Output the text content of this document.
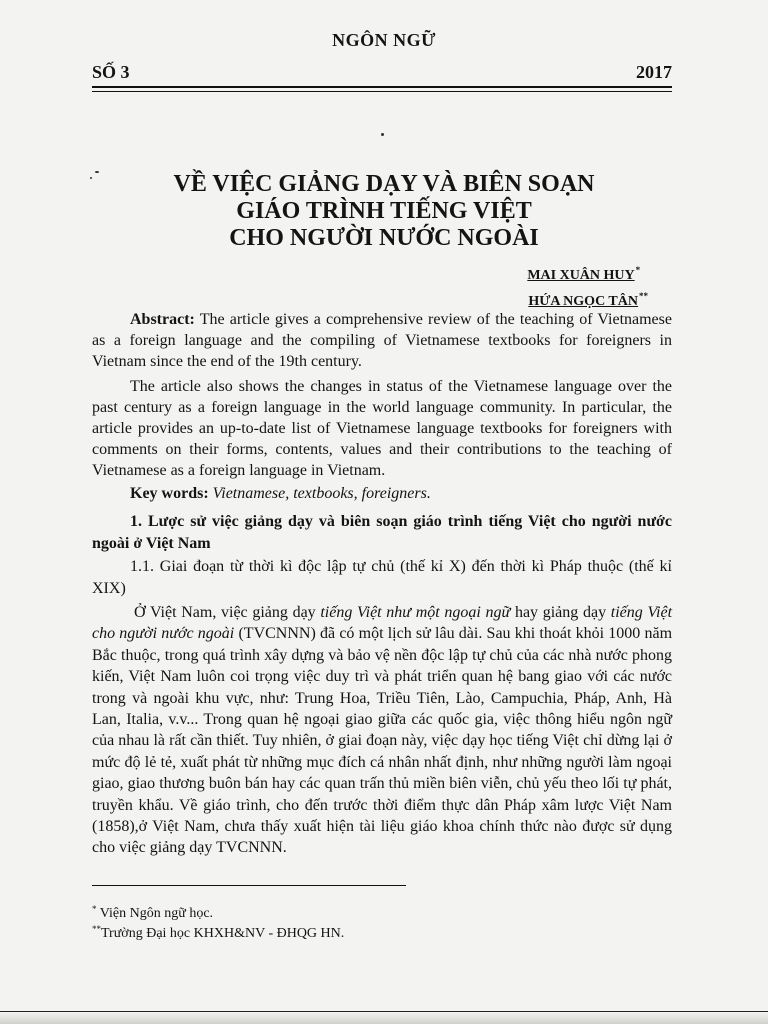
NGÔN NGỮ
SỐ 3	2017
VỀ VIỆC GIẢNG DẠY VÀ BIÊN SOẠN
GIÁO TRÌNH TIẾNG VIỆT
CHO NGƯỜI NƯỚC NGOÀI
MAI XUÂN HUY*
HỨA NGỌC TÂN**
Abstract: The article gives a comprehensive review of the teaching of Vietnamese as a foreign language and the compiling of Vietnamese textbooks for foreigners in Vietnam since the end of the 19th century.
The article also shows the changes in status of the Vietnamese language over the past century as a foreign language in the world language community. In particular, the article provides an up-to-date list of Vietnamese language textbooks for foreigners with comments on their forms, contents, values and their contributions to the teaching of Vietnamese as a foreign language in Vietnam.
Key words: Vietnamese, textbooks, foreigners.
1. Lược sử việc giảng dạy và biên soạn giáo trình tiếng Việt cho người nước ngoài ở Việt Nam
1.1. Giai đoạn từ thời kì độc lập tự chủ (thế kỉ X) đến thời kì Pháp thuộc (thế kỉ XIX)
Ở Việt Nam, việc giảng dạy tiếng Việt như một ngoại ngữ hay giảng dạy tiếng Việt cho người nước ngoài (TVCNNN) đã có một lịch sử lâu dài. Sau khi thoát khỏi 1000 năm Bắc thuộc, trong quá trình xây dựng và bảo vệ nền độc lập tự chủ của các nhà nước phong kiến, Việt Nam luôn coi trọng việc duy trì và phát triển quan hệ bang giao với các nước trong và ngoài khu vực, như: Trung Hoa, Triều Tiên, Lào, Campuchia, Pháp, Anh, Hà Lan, Italia, v.v... Trong quan hệ ngoại giao giữa các quốc gia, việc thông hiểu ngôn ngữ của nhau là rất cần thiết. Tuy nhiên, ở giai đoạn này, việc dạy học tiếng Việt chỉ dừng lại ở mức độ lẻ tẻ, xuất phát từ những mục đích cá nhân nhất định, như những người làm ngoại giao, giao thương buôn bán hay các quan trấn thủ miền biên viễn, chủ yếu theo lối tự phát, truyền khẩu. Về giáo trình, cho đến trước thời điểm thực dân Pháp xâm lược Việt Nam (1858),ở Việt Nam, chưa thấy xuất hiện tài liệu giáo khoa chính thức nào được sử dụng cho việc giảng dạy TVCNNN.
* Viện Ngôn ngữ học.
**Trường Đại học KHXH&NV - ĐHQG HN.
